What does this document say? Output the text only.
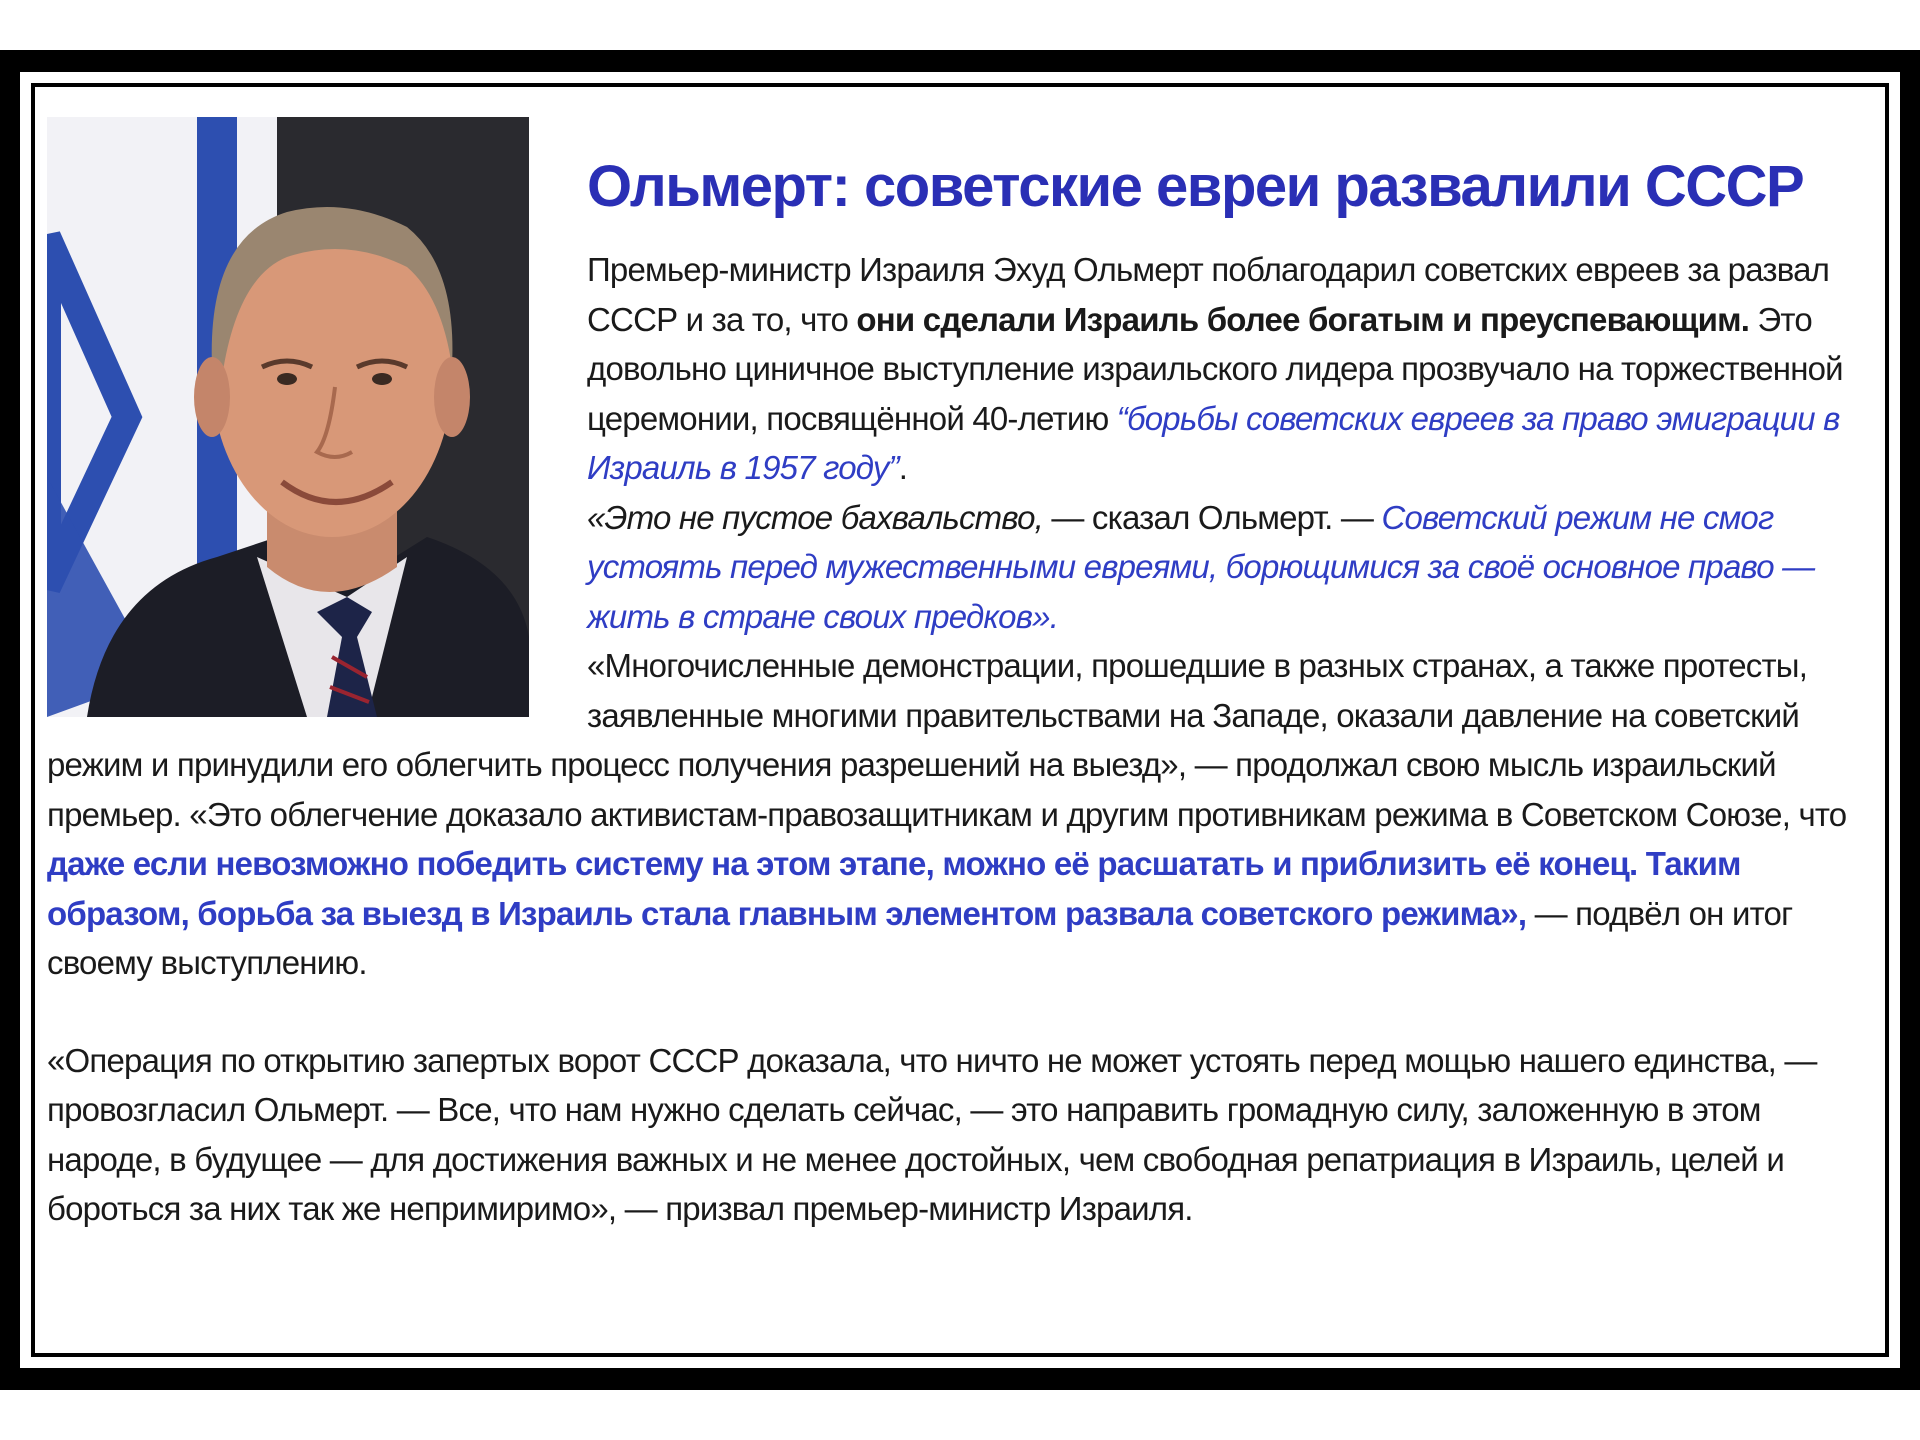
Ольмерт: советские евреи развалили СССР

Премьер-министр Израиля Эхуд Ольмерт поблагодарил советских евреев за развал СССР и за то, что они сделали Израиль более богатым и преуспевающим. Это довольно циничное выступление израильского лидера прозвучало на торжественной церемонии, посвящённой 40-летию “борьбы советских евреев за право эмиграции в Израиль в 1957 году”.

«Это не пустое бахвальство, — сказал Ольмерт. — Советский режим не смог устоять перед мужественными евреями, борющимися за своё основное право — жить в стране своих предков».

«Многочисленные демонстрации, прошедшие в разных странах, а также протесты, заявленные многими правительствами на Западе, оказали давление на советский режим и принудили его облегчить процесс получения разрешений на выезд», — продолжал свою мысль израильский премьер. «Это облегчение доказало активистам-правозащитникам и другим противникам режима в Советском Союзе, что даже если невозможно победить систему на этом этапе, можно её расшатать и приблизить её конец. Таким образом, борьба за выезд в Израиль стала главным элементом развала советского режима», — подвёл он итог своему выступлению.

«Операция по открытию запертых ворот СССР доказала, что ничто не может устоять перед мощью нашего единства, — провозгласил Ольмерт. — Все, что нам нужно сделать сейчас, — это направить громадную силу, заложенную в этом народе, в будущее — для достижения важных и не менее достойных, чем свободная репатриация в Израиль, целей и бороться за них так же непримиримо», — призвал премьер-министр Израиля.
